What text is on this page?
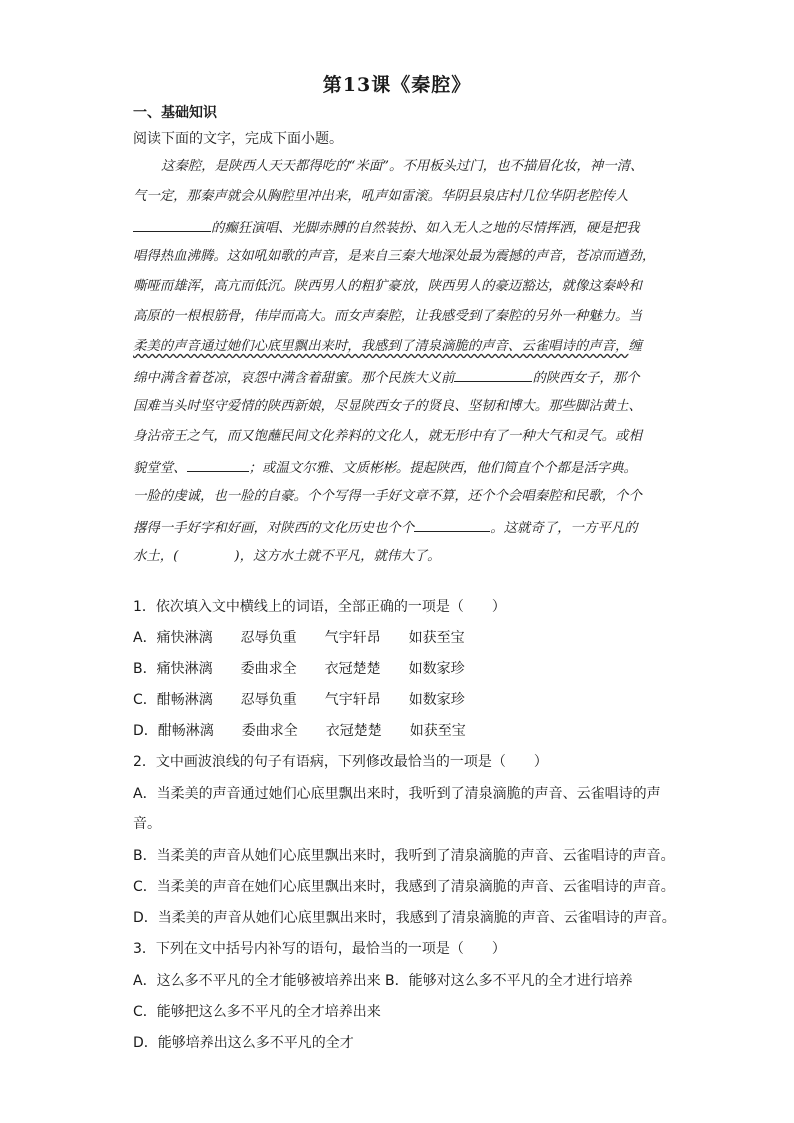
第13课《秦腔》
一、基础知识
阅读下面的文字，完成下面小题。
这秦腔，是陕西人天天都得吃的“米面”。不用板头过门，也不描眉化妆，神一清、
气一定，那秦声就会从胸腔里冲出来，吼声如雷滚。华阴县泉店村几位华阴老腔传人
的癫狂演唱、光脚赤膊的自然装扮、如入无人之地的尽情挥洒，硬是把我
唱得热血沸腾。这如吼如歌的声音，是来自三秦大地深处最为震撼的声音，苍凉而遒劲，
嘶哑而雄浑，高亢而低沉。陕西男人的粗犷豪放，陕西男人的豪迈豁达，就像这秦岭和
高原的一根根筋骨，伟岸而高大。而女声秦腔，让我感受到了秦腔的另外一种魅力。当
柔美的声音通过她们心底里飘出来时，我感到了清泉滴脆的声音、云雀唱诗的声音，缠
绵中满含着苍凉，哀怨中满含着甜蜜。那个民族大义前	的陕西女子，那个
国难当头时坚守爱情的陕西新娘，尽显陕西女子的贤良、坚韧和博大。那些脚沾黄土、
身沾帝王之气，而又饱蘸民间文化养料的文化人，就无形中有了一种大气和灵气。或相
貌堂堂、	；或温文尔雅、文质彬彬。提起陕西，他们简直个个都是活字典。
一脸的虔诚，也一脸的自豪。个个写得一手好文章不算，还个个会唱秦腔和民歌，个个
撂得一手好字和好画，对陕西的文化历史也个个	。这就奇了，一方平凡的
水土，(	)，这方水土就不平凡，就伟大了。
1．依次填入文中横线上的词语，全部正确的一项是（　　）
A．痛快淋漓 忍辱负重 气宇轩昂 如获至宝
B．痛快淋漓 委曲求全 衣冠楚楚 如数家珍
C．酣畅淋漓 忍辱负重 气宇轩昂 如数家珍
D．酣畅淋漓 委曲求全 衣冠楚楚 如获至宝
2．文中画波浪线的句子有语病，下列修改最恰当的一项是（　　）
A．当柔美的声音通过她们心底里飘出来时，我听到了清泉滴脆的声音、云雀唱诗的声
音。
B．当柔美的声音从她们心底里飘出来时，我听到了清泉滴脆的声音、云雀唱诗的声音。
C．当柔美的声音在她们心底里飘出来时，我感到了清泉滴脆的声音、云雀唱诗的声音。
D．当柔美的声音从她们心底里飘出来时，我感到了清泉滴脆的声音、云雀唱诗的声音。
3．下列在文中括号内补写的语句，最恰当的一项是（　　）
A．这么多不平凡的全才能够被培养出来 B．能够对这么多不平凡的全才进行培养
C．能够把这么多不平凡的全才培养出来
D．能够培养出这么多不平凡的全才
